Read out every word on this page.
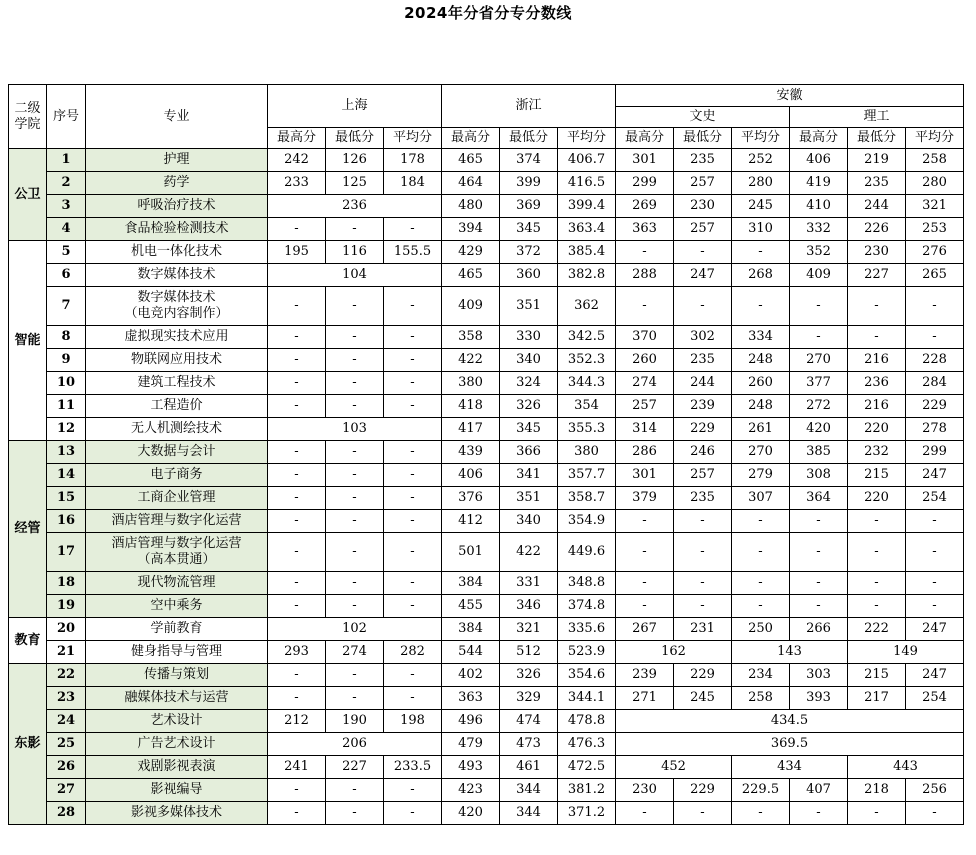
2024年分省分专分数线
二级学院	序号	专业	上海			浙江			安徽					
									文史			理工		
			最高分	最低分	平均分	最高分	最低分	平均分	最高分	最低分	平均分	最高分	最低分	平均分
公卫	1	护理	242	126	178	465	374	406.7	301	235	252	406	219	258
	2	药学	233	125	184	464	399	416.5	299	257	280	419	235	280
	3	呼吸治疗技术	236			480	369	399.4	269	230	245	410	244	321
	4	食品检验检测技术	-	-	-	394	345	363.4	363	257	310	332	226	253
智能	5	机电一体化技术	195	116	155.5	429	372	385.4	-	-	-	352	230	276
	6	数字媒体技术	104			465	360	382.8	288	247	268	409	227	265
	7	数字媒体技术
（电竞内容制作）	-	-	-	409	351	362	-	-	-	-	-	-
	8	虚拟现实技术应用	-	-	-	358	330	342.5	370	302	334	-	-	-
	9	物联网应用技术	-	-	-	422	340	352.3	260	235	248	270	216	228
	10	建筑工程技术	-	-	-	380	324	344.3	274	244	260	377	236	284
	11	工程造价	-	-	-	418	326	354	257	239	248	272	216	229
	12	无人机测绘技术	103			417	345	355.3	314	229	261	420	220	278
经管	13	大数据与会计	-	-	-	439	366	380	286	246	270	385	232	299
	14	电子商务	-	-	-	406	341	357.7	301	257	279	308	215	247
	15	工商企业管理	-	-	-	376	351	358.7	379	235	307	364	220	254
	16	酒店管理与数字化运营	-	-	-	412	340	354.9	-	-	-	-	-	-
	17	酒店管理与数字化运营
（高本贯通）	-	-	-	501	422	449.6	-	-	-	-	-	-
	18	现代物流管理	-	-	-	384	331	348.8	-	-	-	-	-	-
	19	空中乘务	-	-	-	455	346	374.8	-	-	-	-	-	-
教育	20	学前教育	102			384	321	335.6	267	231	250	266	222	247
	21	健身指导与管理	293	274	282	544	512	523.9	162		143		149	
东影	22	传播与策划	-	-	-	402	326	354.6	239	229	234	303	215	247
	23	融媒体技术与运营	-	-	-	363	329	344.1	271	245	258	393	217	254
	24	艺术设计	212	190	198	496	474	478.8	434.5					
	25	广告艺术设计	206			479	473	476.3	369.5					
	26	戏剧影视表演	241	227	233.5	493	461	472.5	452		434		443	
	27	影视编导	-	-	-	423	344	381.2	230	229	229.5	407	218	256
	28	影视多媒体技术	-	-	-	420	344	371.2	-	-	-	-	-	-
